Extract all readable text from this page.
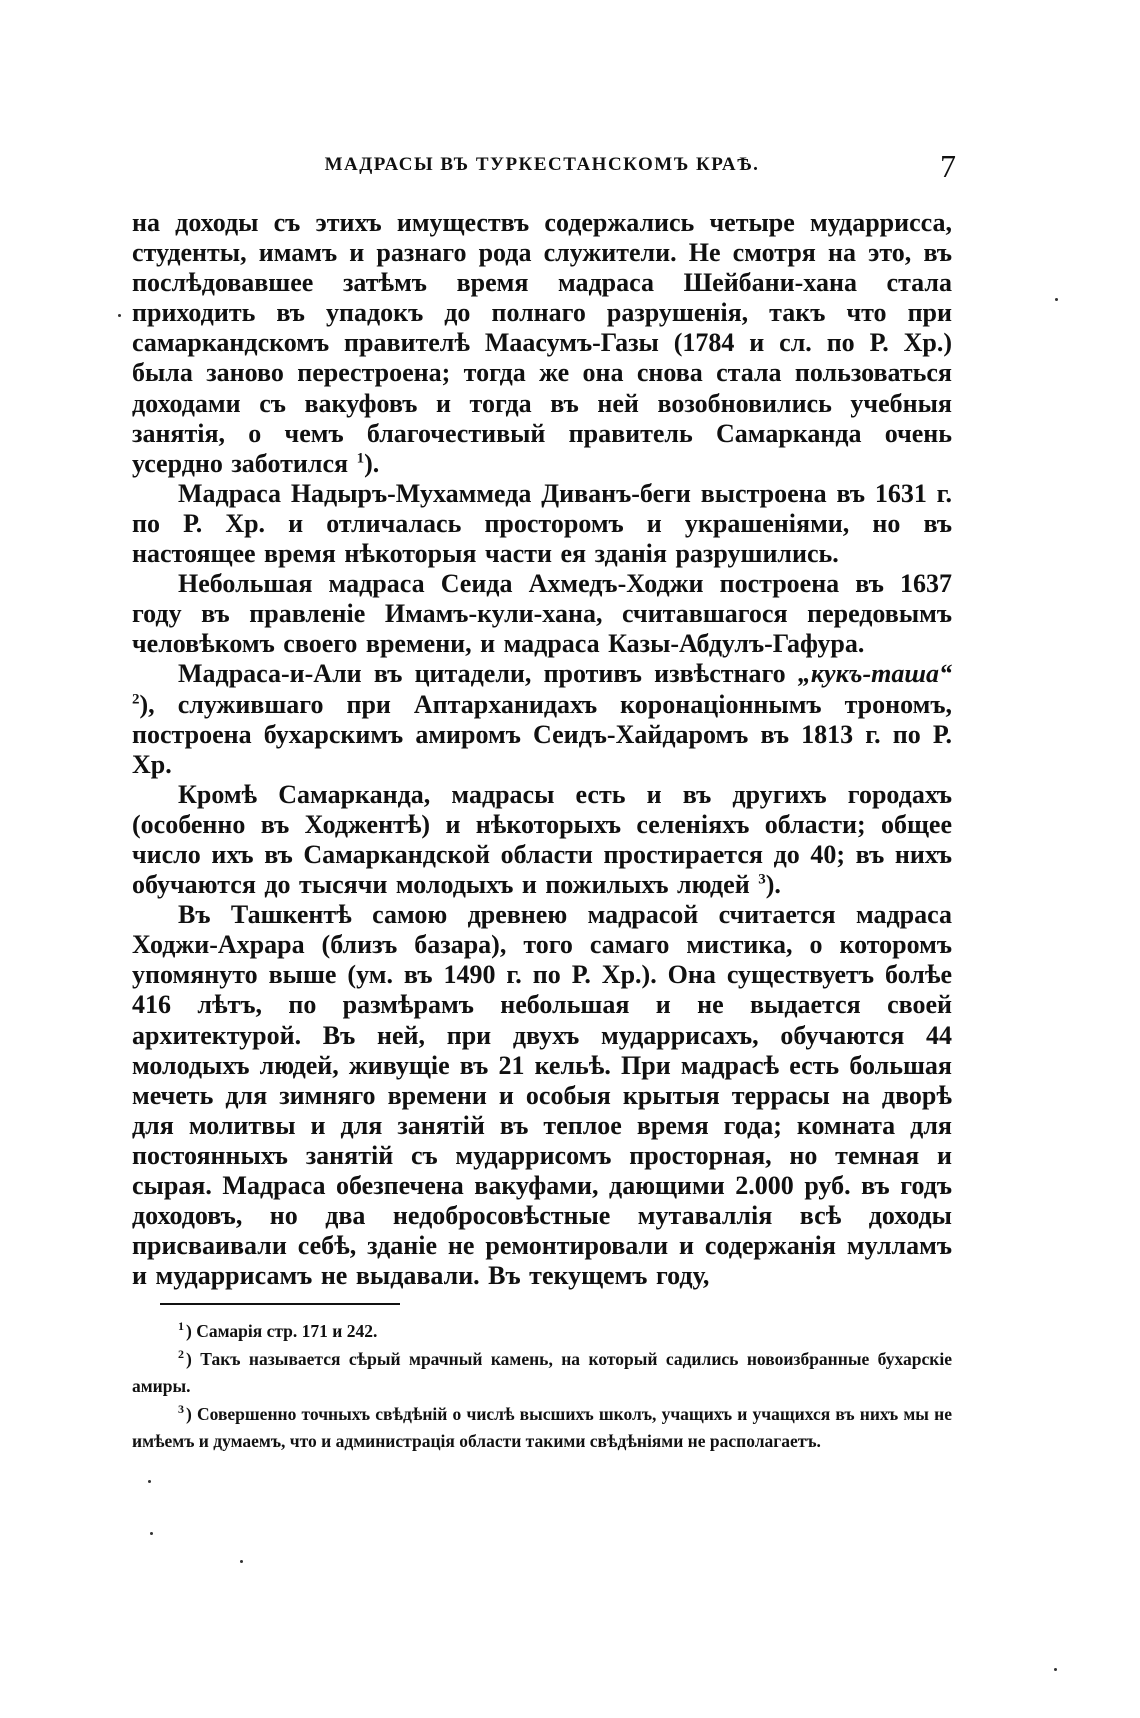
МАДРАСЫ ВЪ ТУРКЕСТАНСКОМЪ КРАѢ.	7

на доходы съ этихъ имуществъ содержались четыре мударрисса, студенты, имамъ и разнаго рода служители. Не смотря на это, въ послѣдовавшее затѣмъ время мадраса Шейбани-хана стала приходить въ упадокъ до полнаго разрушенія, такъ что при самаркандскомъ правителѣ Маасумъ-Газы (1784 и сл. по Р. Хр.) была заново перестроена; тогда же она снова стала пользоваться доходами съ вакуфовъ и тогда въ ней возобновились учебныя занятія, о чемъ благочестивый правитель Самарканда очень усердно заботился $^1$).

Мадраса Надыръ-Мухаммеда Диванъ-беги выстроена въ 1631 г. по Р. Хр. и отличалась просторомъ и украшеніями, но въ настоящее время нѣкоторыя части ея зданія разрушились.

Небольшая мадраса Сеида Ахмедъ-Ходжи построена въ 1637 году въ правленіе Имамъ-кули-хана, считавшагося передовымъ человѣкомъ своего времени, и мадраса Казы-Абдулъ-Гафура.

Мадраса-и-Али въ цитадели, противъ извѣстнаго „кукъ-таша“ $^2$), служившаго при Аптарханидахъ коронаціоннымъ трономъ, построена бухарскимъ амиромъ Сеидъ-Хайдаромъ въ 1813 г. по Р. Хр.

Кромѣ Самарканда, мадрасы есть и въ другихъ городахъ (особенно въ Ходжентѣ) и нѣкоторыхъ селеніяхъ области; общее число ихъ въ Самаркандской области простирается до 40; въ нихъ обучаются до тысячи молодыхъ и пожилыхъ людей $^3$).

Въ Ташкентѣ самою древнею мадрасой считается мадраса Ходжи-Ахрара (близъ базара), того самаго мистика, о которомъ упомянуто выше (ум. въ 1490 г. по Р. Хр.). Она существуетъ болѣе 416 лѣтъ, по размѣрамъ небольшая и не выдается своей архитектурой. Въ ней, при двухъ мударрисахъ, обучаются 44 молодыхъ людей, живущіе въ 21 кельѣ. При мадрасѣ есть большая мечеть для зимняго времени и особыя крытыя террасы на дворѣ для молитвы и для занятій въ теплое время года; комната для постоянныхъ занятій съ мударрисомъ просторная, но темная и сырая. Мадраса обезпечена вакуфами, дающими 2.000 руб. въ годъ доходовъ, но два недобросовѣстные мутаваллія всѣ доходы присваивали себѣ, зданіе не ремонтировали и содержанія мулламъ и мударрисамъ не выдавали. Въ текущемъ году,

$^1$ ) Самарія стр. 171 и 242.

$^2$ ) Такъ называется сѣрый мрачный камень, на который садились новоизбранные бухарскіе амиры.

$^3$ ) Совершенно точныхъ свѣдѣній о числѣ высшихъ школъ, учащихъ и учащихся въ нихъ мы не имѣемъ и думаемъ, что и администрація области такими свѣдѣніями не располагаетъ.
